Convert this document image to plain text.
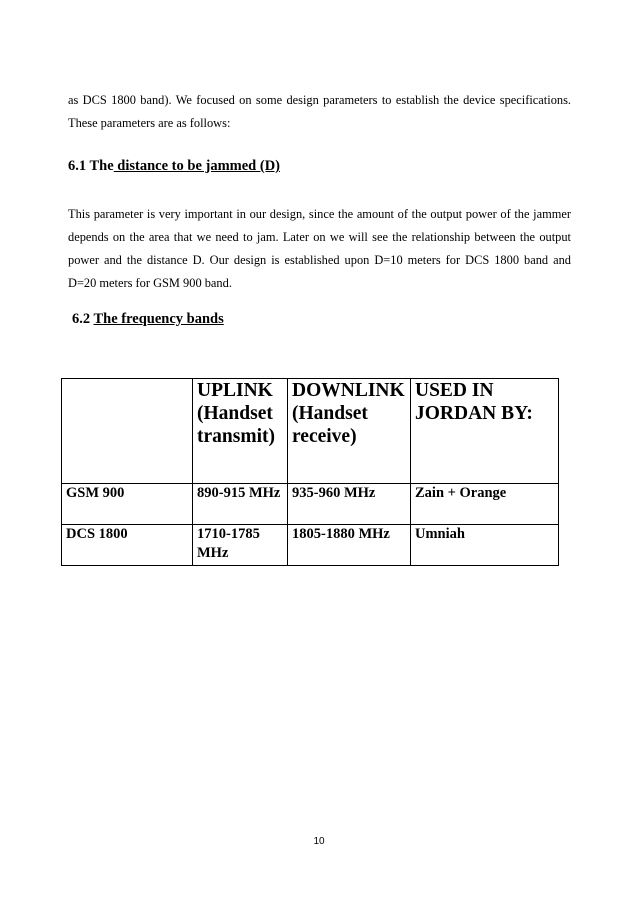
as DCS 1800 band). We focused on some design parameters to establish the device specifications. These parameters are as follows:

6.1 The distance to be jammed (D)

This parameter is very important in our design, since the amount of the output power of the jammer depends on the area that we need to jam. Later on we will see the relationship between the output power and the distance D. Our design is established upon D=10 meters for DCS 1800 band and D=20 meters for GSM 900 band.

6.2 The frequency bands
	UPLINK (Handset transmit)	DOWNLINK (Handset receive)	USED IN JORDAN BY:
GSM 900	890-915 MHz	935-960 MHz	Zain + Orange
DCS 1800	1710-1785 MHz	1805-1880 MHz	Umniah
10
